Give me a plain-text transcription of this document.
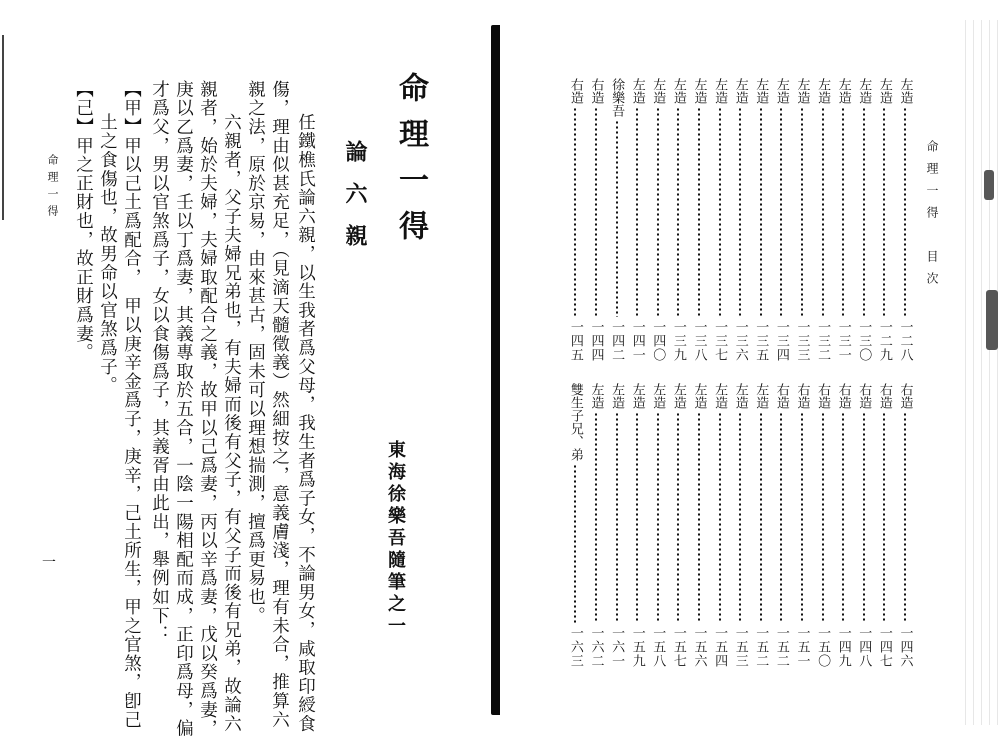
命理一得
論六親
東海徐樂吾隨筆之一
任鐵樵氏論六親，以生我者爲父母，我生者爲子女，不論男女，咸取印綬食
傷，理由似甚充足，（見滴天髓徵義）然細按之，意義膚淺，理有未合，推算六
親之法，原於京易，由來甚古，固未可以理想揣測，擅爲更易也。
六親者，父子夫婦兄弟也，有夫婦而後有父子，有父子而後有兄弟，故論六
親者，始於夫婦，夫婦取配合之義，故甲以己爲妻，丙以辛爲妻，戊以癸爲妻，
庚以乙爲妻，壬以丁爲妻，其義專取於五合，一陰一陽相配而成，正印爲母，偏
才爲父，男以官煞爲子，女以食傷爲子，其義胥由此出，舉例如下：
【甲】甲以己土爲配合，　甲以庚辛金爲子，庚辛，己土所生，甲之官煞，卽己
土之食傷也，故男命以官煞爲子。
【己】甲之正財也，故正財爲妻。
命理一得
一
命理一得　目次
左造
一二八
左造
一二九
左造
一三〇
左造
一三一
左造
一三二
左造
一三三
左造
一三四
左造
一三五
左造
一三六
左造
一三七
左造
一三八
左造
一三九
左造
一四〇
左造
一四一
徐樂吾
一四二
右造
一四四
右造
一四五
右造
一四六
右造
一四七
右造
一四八
右造
一四九
右造
一五〇
右造
一五一
右造
一五二
左造
一五二
左造
一五三
左造
一五四
左造
一五六
左造
一五七
左造
一五八
左造
一五九
左造
一六一
左造
一六二
雙生子兄、弟
一六三
